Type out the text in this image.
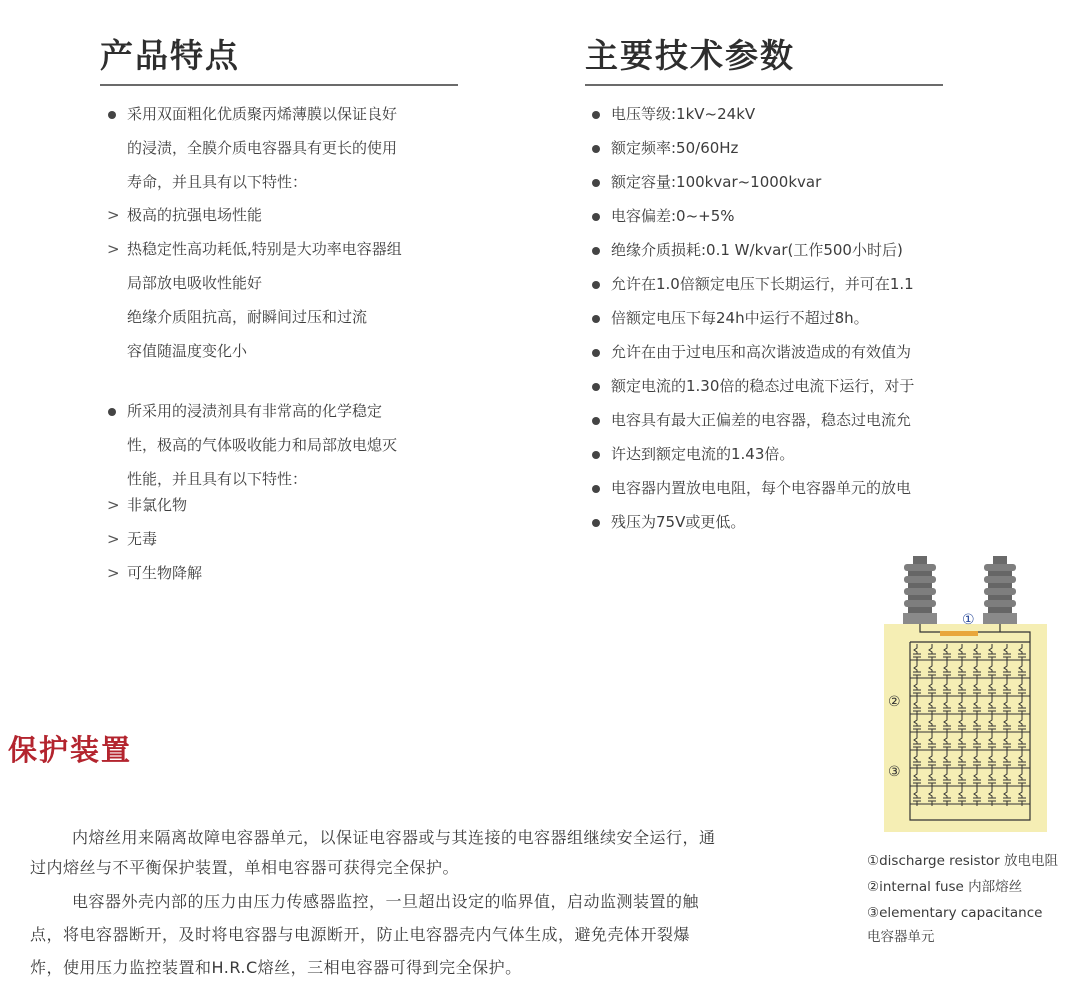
产品特点
采用双面粗化优质聚丙烯薄膜以保证良好
的浸渍，全膜介质电容器具有更长的使用
寿命，并且具有以下特性：
> 极高的抗强电场性能
> 热稳定性高功耗低,特别是大功率电容器组
局部放电吸收性能好
绝缘介质阻抗高，耐瞬间过压和过流
容值随温度变化小
所采用的浸渍剂具有非常高的化学稳定
性，极高的气体吸收能力和局部放电熄灭
性能，并且具有以下特性：
> 非氯化物
> 无毒
> 可生物降解
主要技术参数
电压等级:1kV~24kV
额定频率:50/60Hz
额定容量:100kvar~1000kvar
电容偏差:0~+5%
绝缘介质损耗:0.1 W/kvar(工作500小时后)
允许在1.0倍额定电压下长期运行，并可在1.1
倍额定电压下每24h中运行不超过8h。
允许在由于过电压和高次谐波造成的有效值为
额定电流的1.30倍的稳态过电流下运行，对于
电容具有最大正偏差的电容器，稳态过电流允
许达到额定电流的1.43倍。
电容器内置放电电阻，每个电容器单元的放电
残压为75V或更低。
①
②
③
①discharge resistor 放电电阻
②internal fuse 内部熔丝
③elementary capacitance
电容器单元
保护装置
内熔丝用来隔离故障电容器单元，以保证电容器或与其连接的电容器组继续安全运行，通
过内熔丝与不平衡保护装置，单相电容器可获得完全保护。
电容器外壳内部的压力由压力传感器监控，一旦超出设定的临界值，启动监测装置的触
点，将电容器断开，及时将电容器与电源断开，防止电容器壳内气体生成，避免壳体开裂爆
炸，使用压力监控装置和H.R.C熔丝，三相电容器可得到完全保护。
